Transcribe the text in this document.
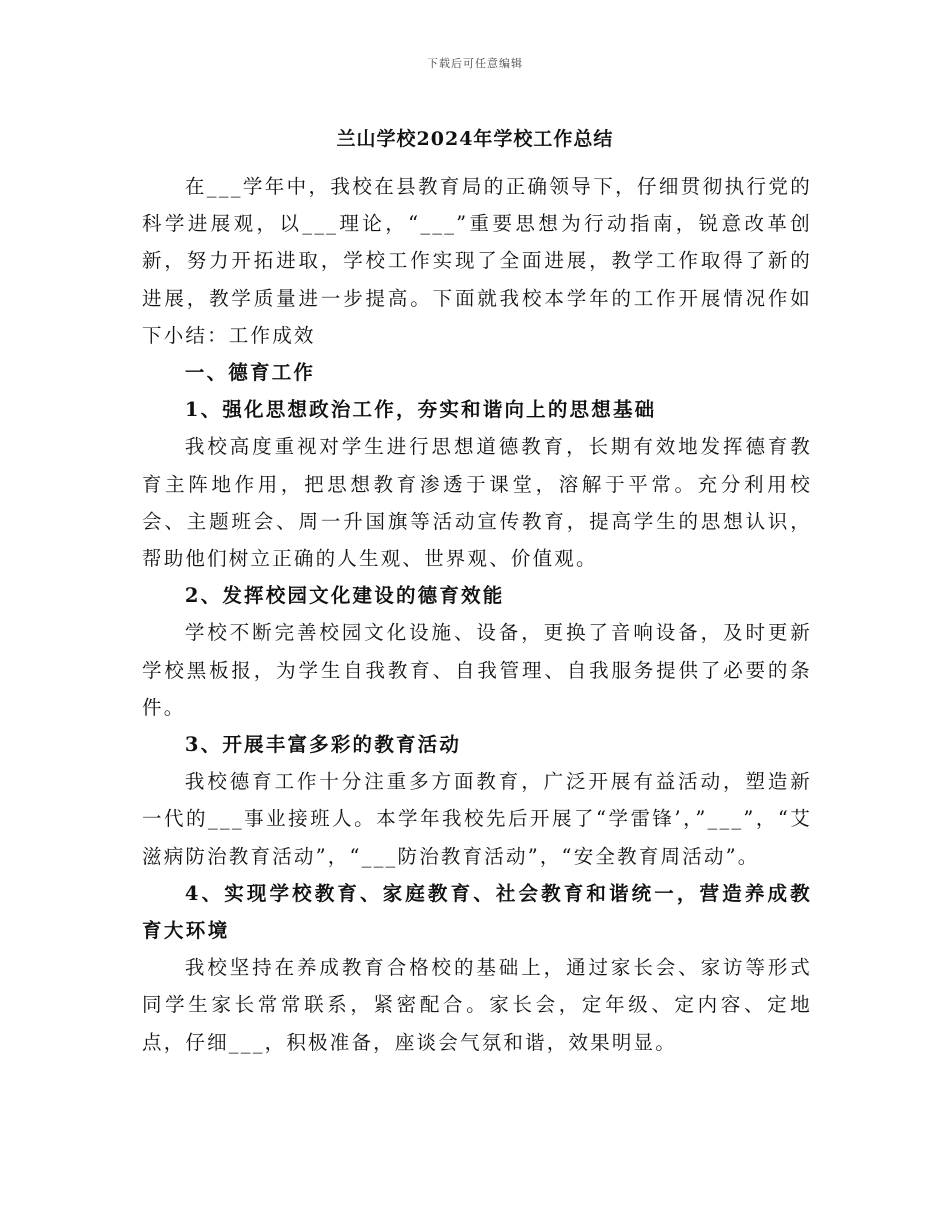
下载后可任意编辑
兰山学校2024年学校工作总结

在___学年中，我校在县教育局的正确领导下，仔细贯彻执行党的科学进展观，以___理论，“___”重要思想为行动指南，锐意改革创新，努力开拓进取，学校工作实现了全面进展，教学工作取得了新的进展，教学质量进一步提高。下面就我校本学年的工作开展情况作如下小结：工作成效

一、德育工作

1、强化思想政治工作，夯实和谐向上的思想基础

我校高度重视对学生进行思想道德教育，长期有效地发挥德育教育主阵地作用，把思想教育渗透于课堂，溶解于平常。充分利用校会、主题班会、周一升国旗等活动宣传教育，提高学生的思想认识，帮助他们树立正确的人生观、世界观、价值观。

2、发挥校园文化建设的德育效能

学校不断完善校园文化设施、设备，更换了音响设备，及时更新学校黑板报，为学生自我教育、自我管理、自我服务提供了必要的条件。

3、开展丰富多彩的教育活动

我校德育工作十分注重多方面教育，广泛开展有益活动，塑造新一代的___事业接班人。本学年我校先后开展了“学雷锋’，”___”，“艾滋病防治教育活动”，“___防治教育活动”，“安全教育周活动”。

4、实现学校教育、家庭教育、社会教育和谐统一，营造养成教育大环境

我校坚持在养成教育合格校的基础上，通过家长会、家访等形式同学生家长常常联系，紧密配合。家长会，定年级、定内容、定地点，仔细___，积极准备，座谈会气氛和谐，效果明显。
